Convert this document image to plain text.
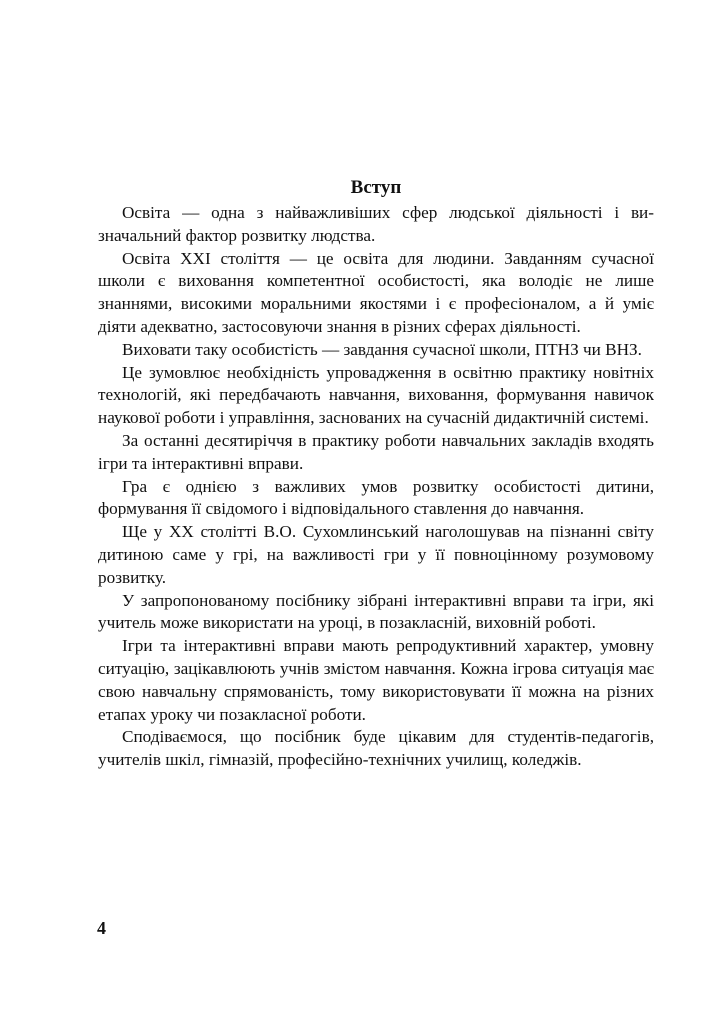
Вступ

Освіта — одна з найважливіших сфер людської діяльності і визначальний фактор розвитку людства.

Освіта XXI століття — це освіта для людини. Завданням сучасної школи є виховання компетентної особистості, яка володіє не лише знаннями, високими моральними якостями і є професіоналом, а й уміє діяти адекватно, застосовуючи знання в різних сферах діяльності.

Виховати таку особистість — завдання сучасної школи, ПТНЗ чи ВНЗ.

Це зумовлює необхідність упровадження в освітню практику новітніх технологій, які передбачають навчання, виховання, формування навичок наукової роботи і управління, заснованих на сучасній дидактичній системі.

За останні десятиріччя в практику роботи навчальних закладів входять ігри та інтерактивні вправи.

Гра є однією з важливих умов розвитку особистості дитини, формування її свідомого і відповідального ставлення до навчання.

Ще у XX столітті В.О. Сухомлинський наголошував на пізнанні світу дитиною саме у грі, на важливості гри у її повноцінному розумовому розвитку.

У запропонованому посібнику зібрані інтерактивні вправи та ігри, які учитель може використати на уроці, в позакласній, виховній роботі.

Ігри та інтерактивні вправи мають репродуктивний характер, умовну ситуацію, зацікавлюють учнів змістом навчання. Кожна ігрова ситуація має свою навчальну спрямованість, тому використовувати її можна на різних етапах уроку чи позакласної роботи.

Сподіваємося, що посібник буде цікавим для студентів-педагогів, учителів шкіл, гімназій, професійно-технічних училищ, коледжів.

4
